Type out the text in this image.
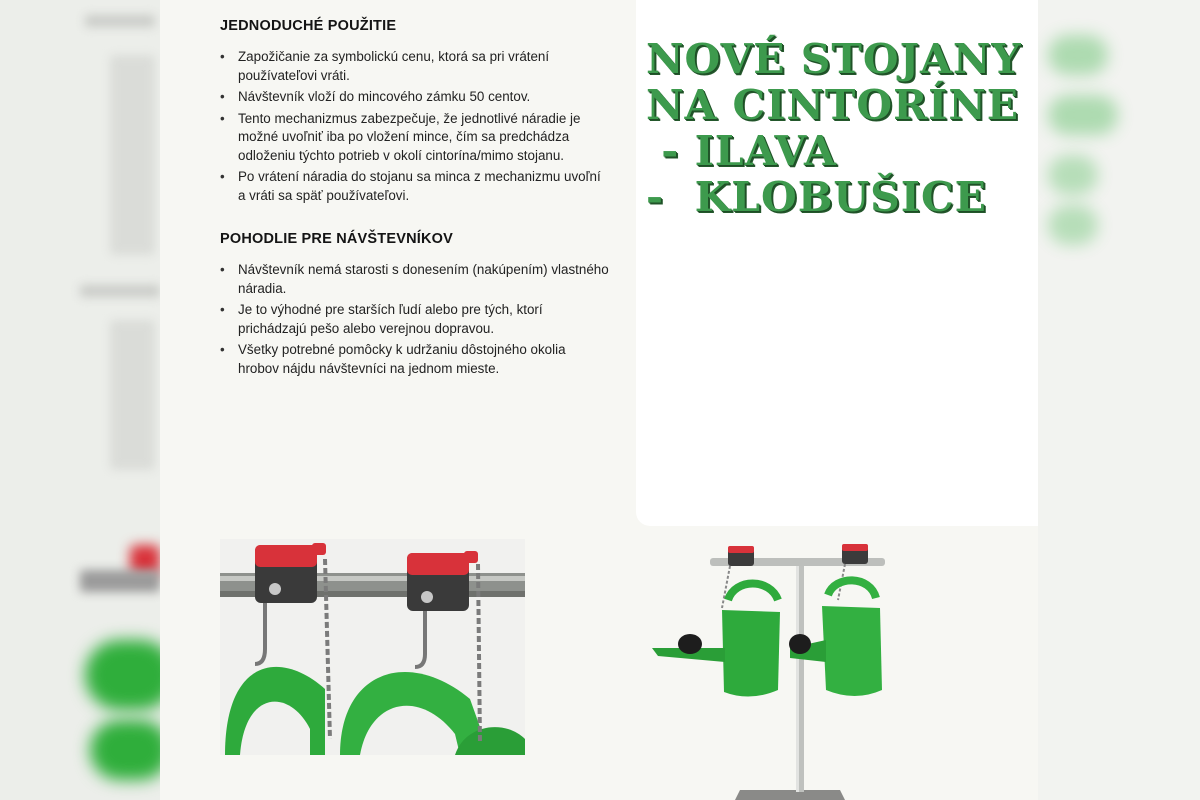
JEDNODUCHÉ POUŽITIE
• Zapožičanie za symbolickú cenu, ktorá sa pri vrátení používateľovi vráti.
• Návštevník vloží do mincového zámku 50 centov.
• Tento mechanizmus zabezpečuje, že jednotlivé náradie je možné uvoľniť iba po vložení mince, čím sa predchádza odloženiu týchto potrieb v okolí cintorína/mimo stojanu.
• Po vrátení náradia do stojanu sa minca z mechanizmu uvoľní a vráti sa späť používateľovi.
POHODLIE PRE NÁVŠTEVNÍKOV
• Návštevník nemá starosti s donesením (nakúpením) vlastného náradia.
• Je to výhodné pre starších ľudí alebo pre tých, ktorí prichádzajú pešo alebo verejnou dopravou.
• Všetky potrebné pomôcky k udržaniu dôstojného okolia hrobov nájdu návštevníci na jednom mieste.
NOVÉ STOJANY
NA CINTORÍNE
- ILAVA
-  KLOBUŠICE
